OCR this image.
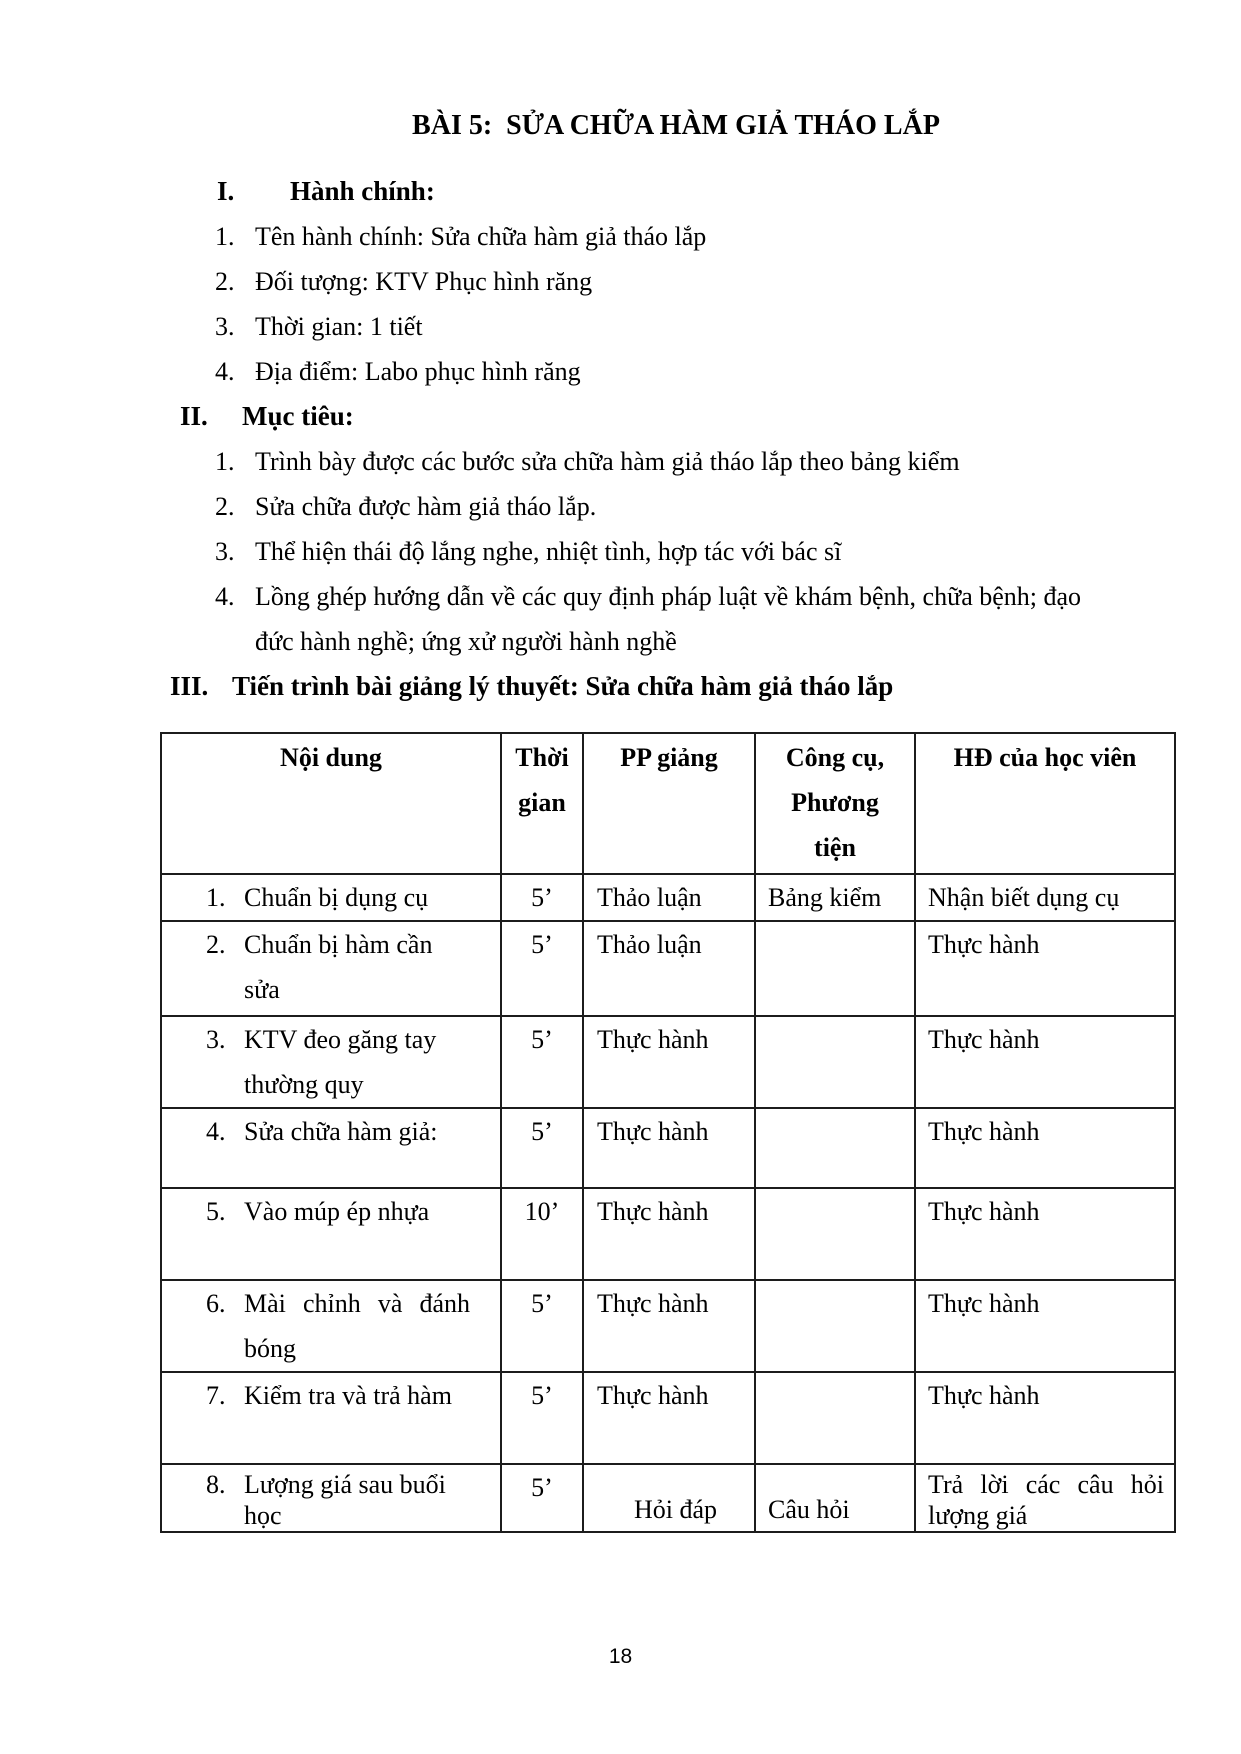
BÀI 5:  SỬA CHỮA HÀM GIẢ THÁO LẮP
I. Hành chính:
1. Tên hành chính: Sửa chữa hàm giả tháo lắp
2. Đối tượng: KTV Phục hình răng
3. Thời gian: 1 tiết
4. Địa điểm: Labo phục hình răng
II. Mục tiêu:
1. Trình bày được các bước sửa chữa hàm giả tháo lắp theo bảng kiểm
2. Sửa chữa được hàm giả tháo lắp.
3. Thể hiện thái độ lắng nghe, nhiệt tình, hợp tác với bác sĩ
4. Lồng ghép hướng dẫn về các quy định pháp luật về khám bệnh, chữa bệnh; đạo đức hành nghề; ứng xử người hành nghề
III. Tiến trình bài giảng lý thuyết: Sửa chữa hàm giả tháo lắp
Nội dung	Thời gian	PP giảng	Công cụ, Phương tiện	HĐ của học viên

1. Chuẩn bị dụng cụ	5’	Thảo luận	Bảng kiểm	Nhận biết dụng cụ

2. Chuẩn bị hàm cần sửa	5’	Thảo luận		Thực hành

3. KTV đeo găng tay thường quy	5’	Thực hành		Thực hành

4. Sửa chữa hàm giả:	5’	Thực hành		Thực hành

5. Vào múp ép nhựa	10’	Thực hành		Thực hành

6. Mài chỉnh và đánh bóng	5’	Thực hành		Thực hành

7. Kiểm tra và trả hàm	5’	Thực hành		Thực hành

8. Lượng giá sau buổi học	5’	Hỏi đáp	Câu hỏi	Trả lời các câu hỏi lượng giá
18
